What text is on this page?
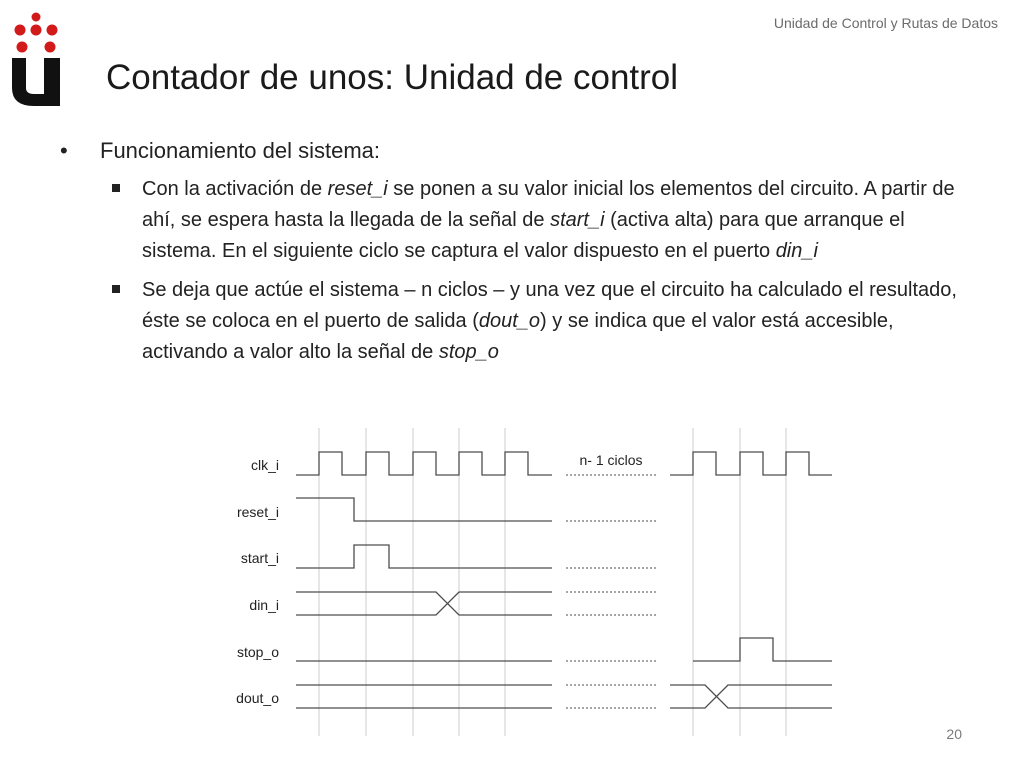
Unidad de Control y Rutas de Datos
Contador de unos: Unidad de control
•	Funcionamiento del sistema:
Con la activación de reset_i se ponen a su valor inicial los elementos del circuito. A partir de ahí, se espera hasta la llegada de la señal de start_i (activa alta) para que arranque el sistema. En el siguiente ciclo se captura el valor dispuesto en el puerto din_i
Se deja que actúe el sistema – n ciclos – y una vez que el circuito ha calculado el resultado, éste se coloca en el puerto de salida (dout_o) y se indica que el valor está accesible, activando a valor alto la señal de stop_o
clk_i
reset_i
start_i
din_i
stop_o
dout_o
n- 1 ciclos
20
